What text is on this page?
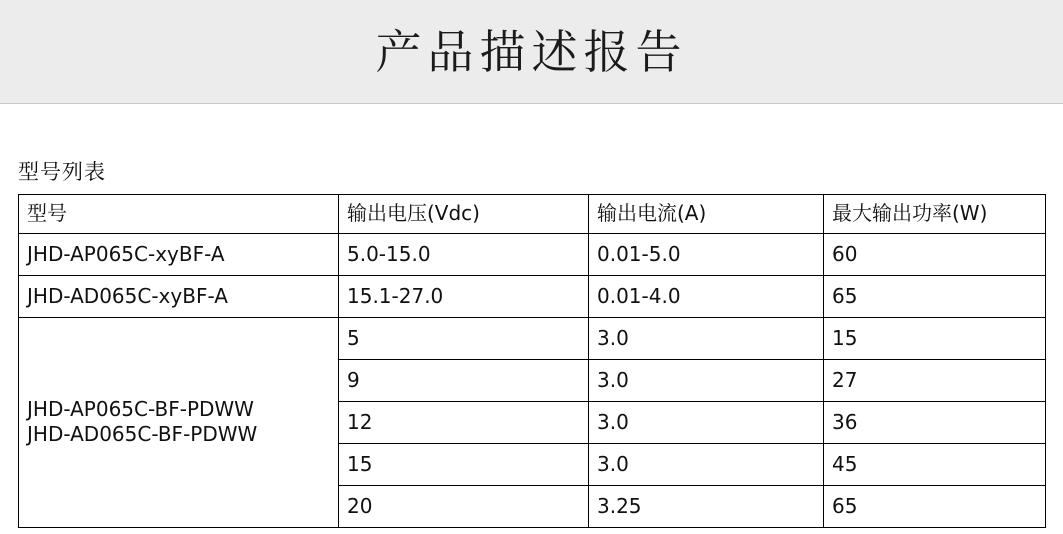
产品描述报告
型号列表
型号	输出电压(Vdc)	输出电流(A)	最大输出功率(W)
JHD-AP065C-xyBF-A	5.0-15.0	0.01-5.0	60
JHD-AD065C-xyBF-A	15.1-27.0	0.01-4.0	65

JHD-AP065C-BF-PDWW
JHD-AD065C-BF-PDWW	5	3.0	15
	9	3.0	27
	12	3.0	36
	15	3.0	45
	20	3.25	65
